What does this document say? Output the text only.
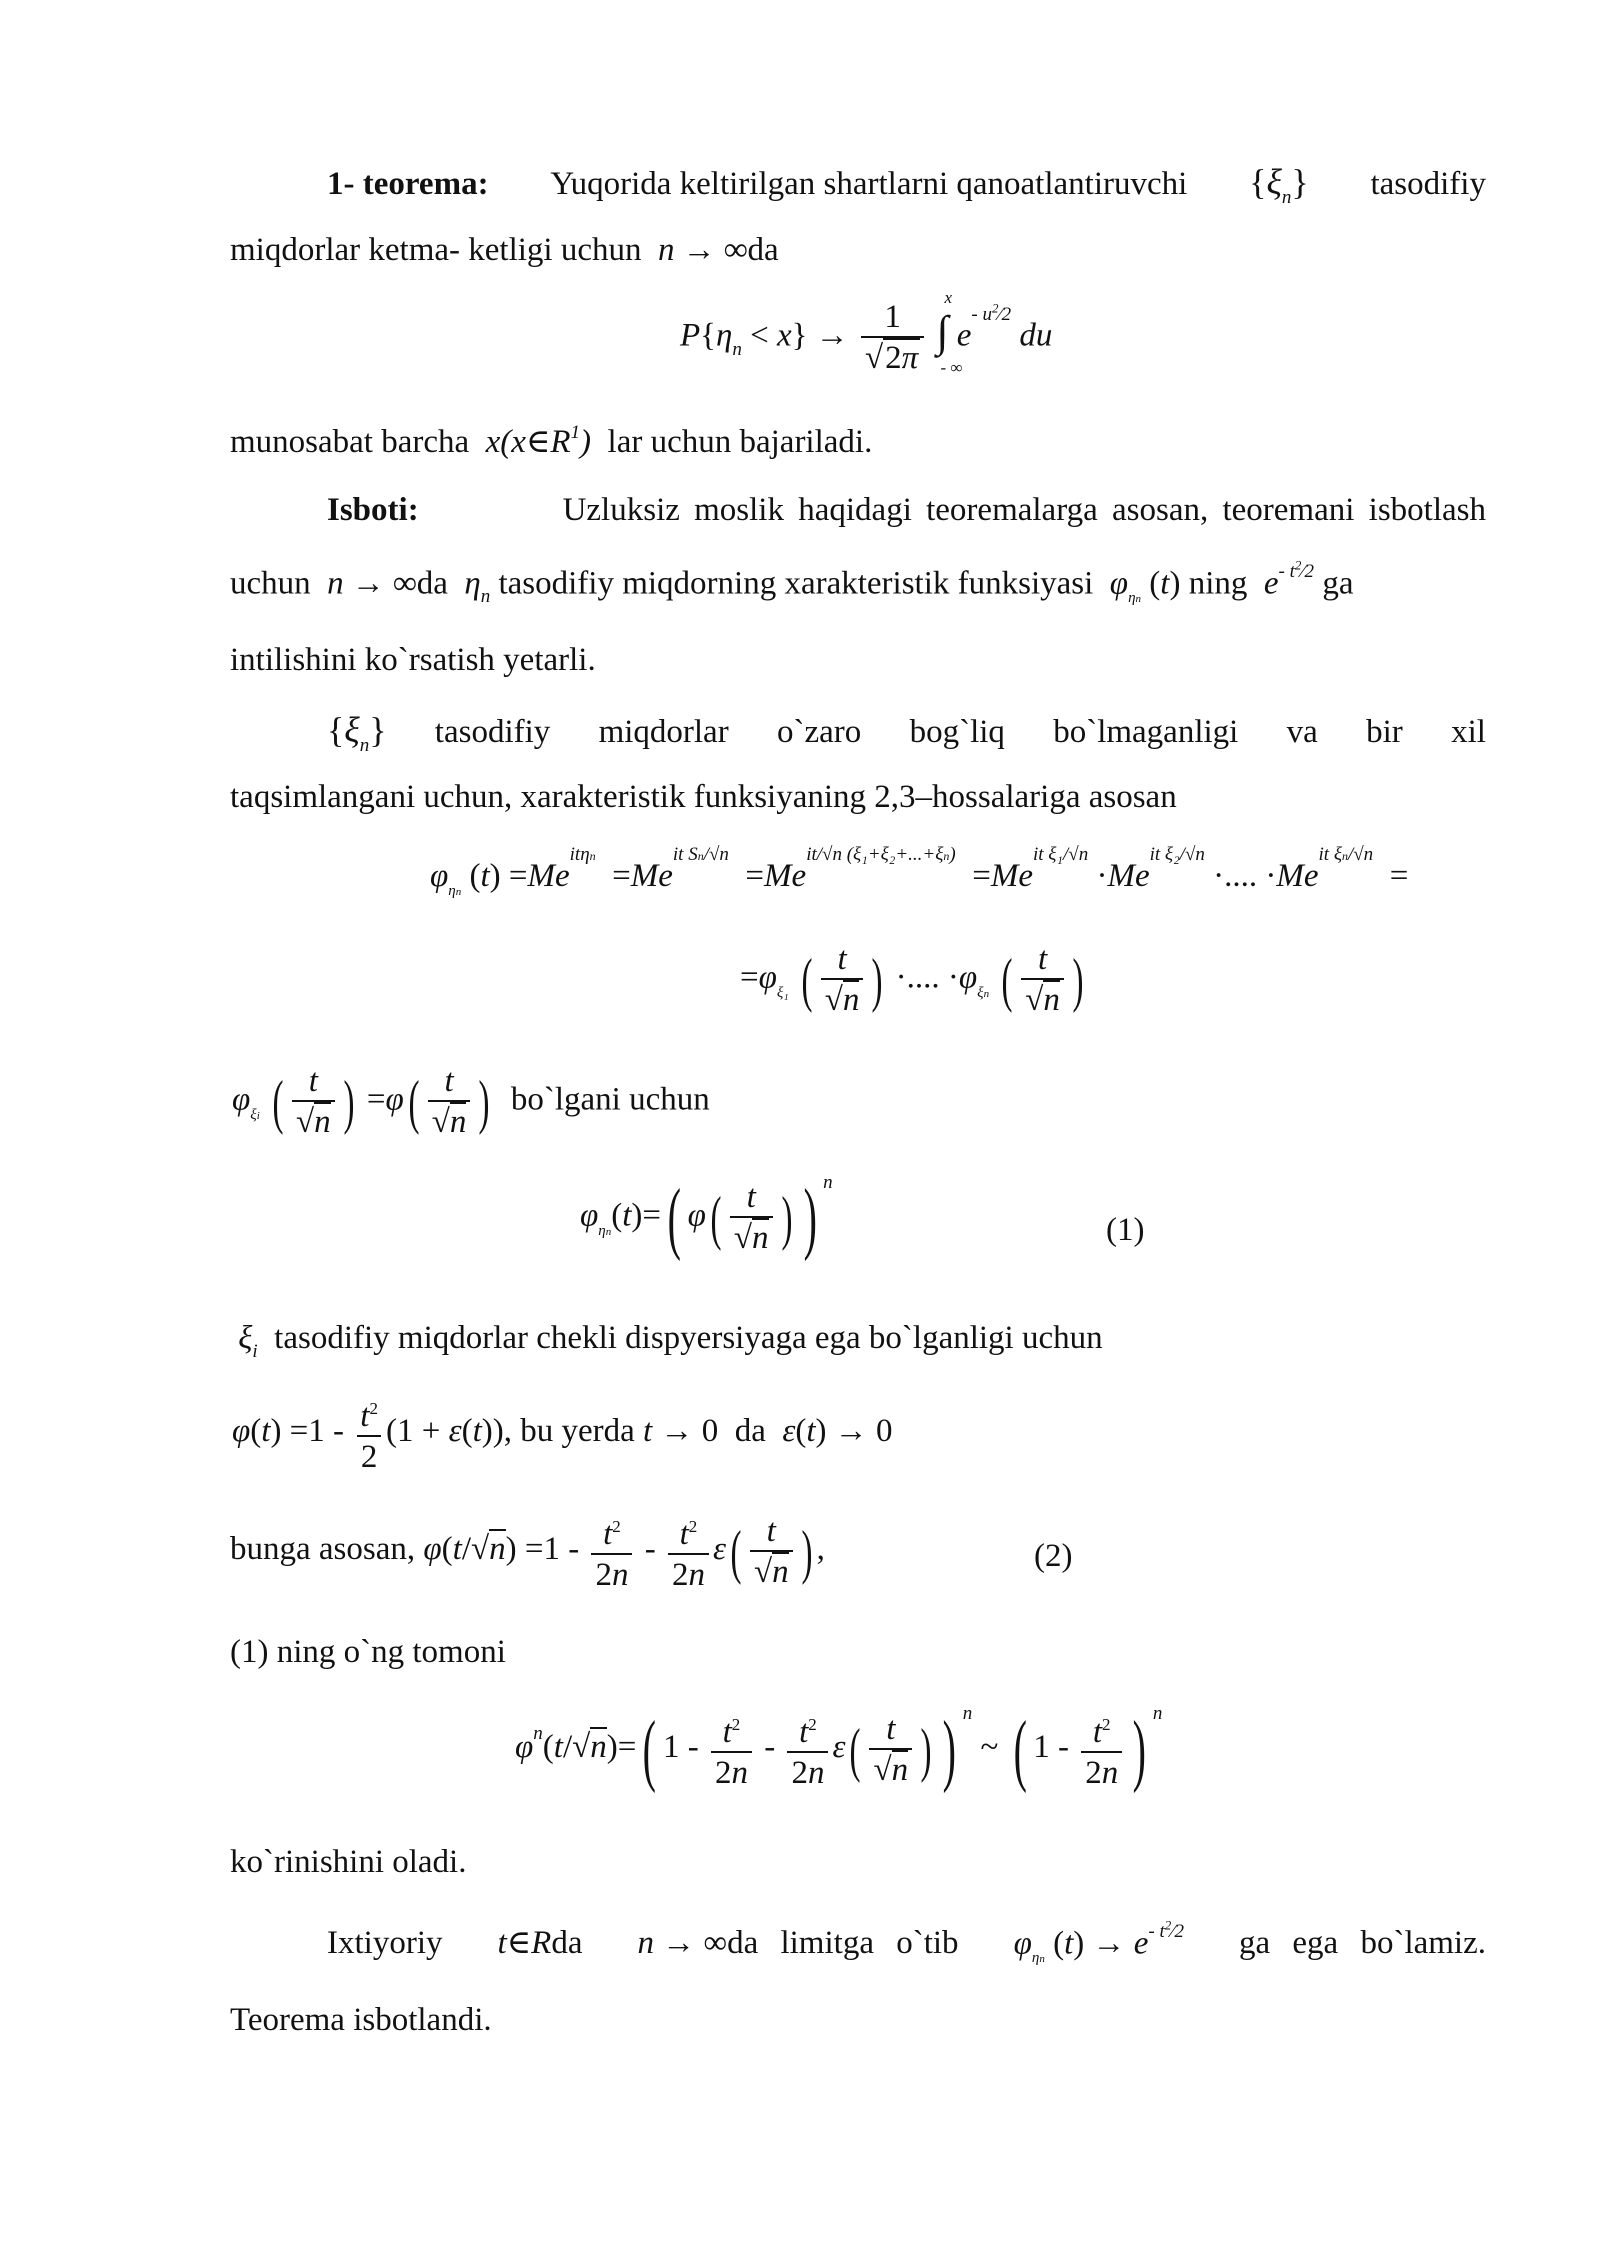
1- teorema: Yuqorida keltirilgan shartlarni qanoatlantiruvchi $\{\xi_n\}$ tasodifiy
miqdorlar ketma- ketligi uchun  n → ∞da
$P\{\eta_n < x\} \to \frac{1}{√2\pi}$

x
∫
- ∞
$e^{- u^2⁄2}$ du
munosabat barcha  $x(x\in R^1)$  lar uchun bajariladi.
Isboti:	Uzluksiz moslik haqidagi teoremalarga asosan, teoremani isbotlash
uchun  n → ∞da  $\eta_n$ tasodifiy miqdorning xarakteristik funksiyasi  $\varphi_{\eta n}$ (t) ning  $e^{- t^2⁄2}$ ga
intilishini ko`rsatish yetarli.
$\{\xi_n\}$ tasodifiy miqdorlar o`zaro bog`liq bo`lmaganligi va bir xil
taqsimlangani uchun, xarakteristik funksiyaning 2,3–hossalariga asosan
$\varphi_{\eta n}$ $(t) =Me^{it\eta n} =Me^{it Sn/√n} =Me^{it/√n (\xi_1+\xi_2+...+\xi n)} =Me^{it \xi_1/√n} \cdot Me^{it \xi_2/√n}$ ·.... $\cdot Me^{it \xi n/√n}$  =
$=\varphi_{\xi_1}$ ( $\frac{t}{√n}$ ) ·.... $\cdot\varphi_{\xi n}$ ( $\frac{t}{√n}$ )
$\varphi_{\xi i}$ ( $\frac{t}{√n}$ ) $=\varphi( \frac{t}{√n}$ ) bo`lgani uchun
$\varphi_{\eta n}(t)=$( $\varphi( \frac{t}{√n}$ ) ) $^n$
(1)
$\xi_i$ tasodifiy miqdorlar chekli dispyersiyaga ega bo`lganligi uchun
$\varphi(t) =1 - \frac{t^2}{2} (1 + \varepsilon(t))$, bu yerda t → 0  da ε(t) → 0
bunga asosan, $\varphi(t/√n) =1 - \frac{t^2}{2n} - \frac{t^2}{2n} \varepsilon( \frac{t}{√n}$ ) ,	(2)
(1) ning o`ng tomoni
$\varphi^n(t/√n)=$( $1 - \frac{t^2}{2n} - \frac{t^2}{2n} \varepsilon( \frac{t}{√n}$ ) ) $^n$ ~ ( $1 - \frac{t^2}{2n}$ ) $^n$
ko`rinishini oladi.
Ixtiyoriy t∈Rda n → ∞da limitga o`tib $\varphi_{\eta n}$ $(t) \to e^{- t^2⁄2}$ ga ega bo`lamiz.
Teorema isbotlandi.
